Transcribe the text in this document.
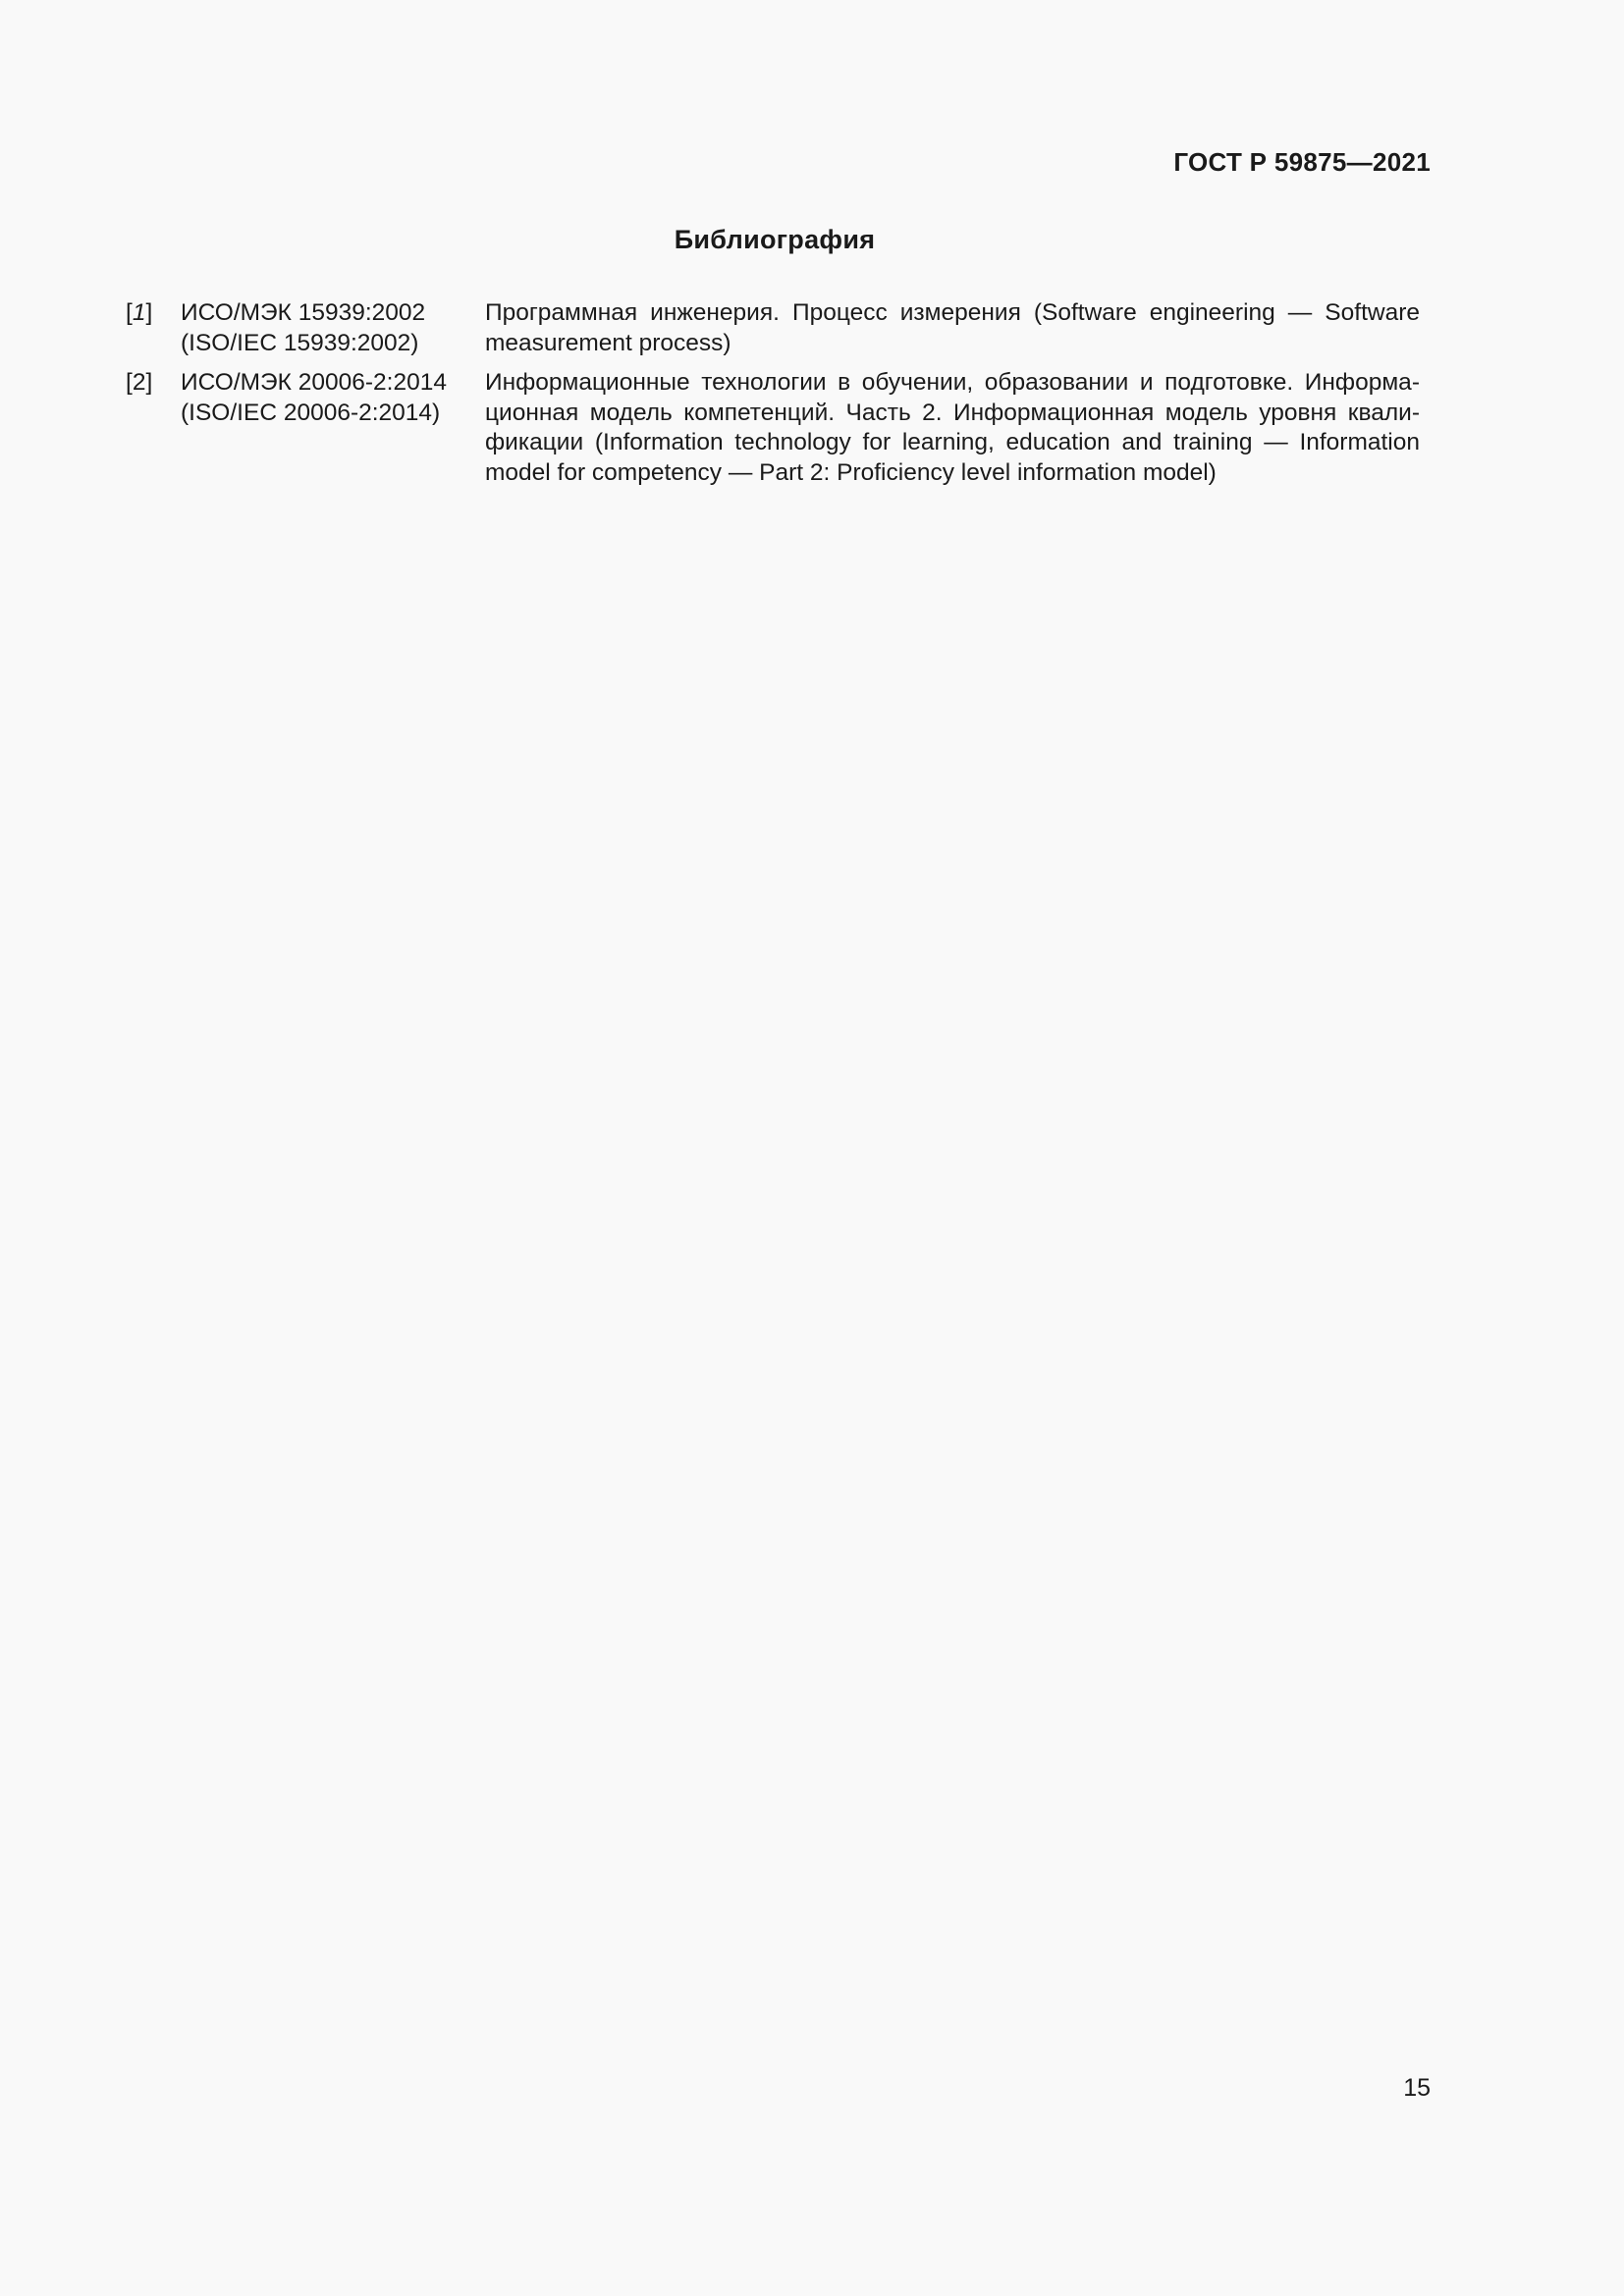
ГОСТ Р 59875—2021
Библиография
[1]	ИСО/МЭК 15939:2002
(ISO/IEC 15939:2002)
Программная инженерия. Процесс измерения (Software engineering — Software measurement process)
[2]	ИСО/МЭК 20006-2:2014
(ISO/IEC 20006-2:2014)
Информационные технологии в обучении, образовании и подготовке. Информационная модель компетенций. Часть 2. Информационная модель уровня квалификации (Information technology for learning, education and training — Information model for competency — Part 2: Proficiency level information model)
15
